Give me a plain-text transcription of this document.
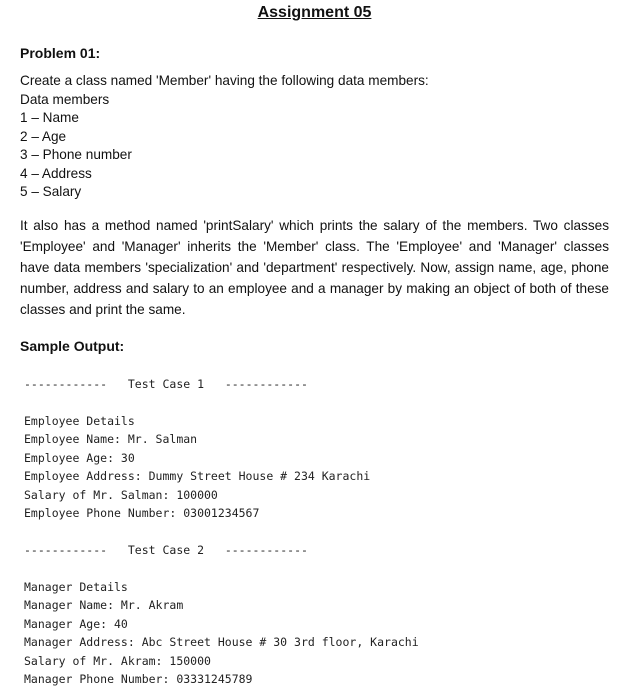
Assignment 05
Problem 01:
Create a class named 'Member' having the following data members:
Data members
1 – Name
2 – Age
3 – Phone number
4 – Address
5 – Salary

It also has a method named 'printSalary' which prints the salary of the members. Two classes 'Employee' and 'Manager' inherits the 'Member' class. The 'Employee' and 'Manager' classes have data members 'specialization' and 'department' respectively. Now, assign name, age, phone number, address and salary to an employee and a manager by making an object of both of these classes and print the same.

Sample Output:
------------ Test Case 1 ------------
Employee Details
Employee Name: Mr. Salman
Employee Age: 30
Employee Address: Dummy Street House # 234 Karachi
Salary of Mr. Salman: 100000
Employee Phone Number: 03001234567
------------ Test Case 2 ------------
Manager Details
Manager Name: Mr. Akram
Manager Age: 40
Manager Address: Abc Street House # 30 3rd floor, Karachi
Salary of Mr. Akram: 150000
Manager Phone Number: 03331245789
